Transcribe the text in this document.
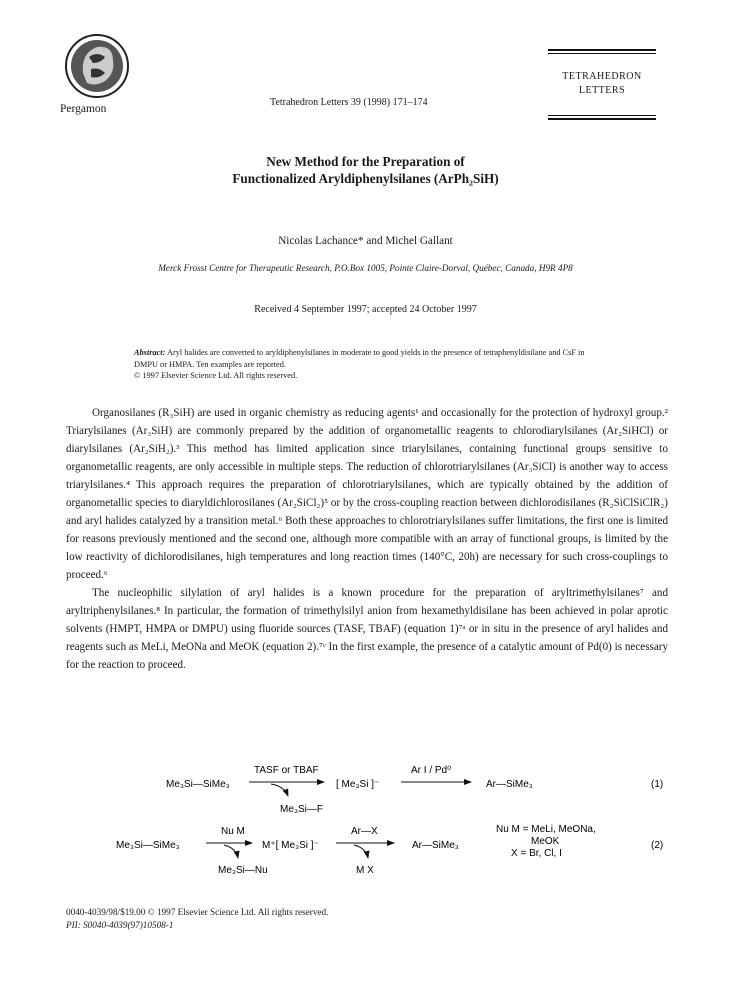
Pergamon
Tetrahedron Letters 39 (1998) 171–174
TETRAHEDRON
LETTERS
New Method for the Preparation of
Functionalized Aryldiphenylsilanes (ArPh₂SiH)
Nicolas Lachance* and Michel Gallant
Merck Frosst Centre for Therapeutic Research, P.O.Box 1005, Pointe Claire-Dorval, Québec, Canada, H9R 4P8
Received 4 September 1997; accepted 24 October 1997
Abstract: Aryl halides are converted to aryldiphenylsilanes in moderate to good yields in the presence of tetraphenyldisilane and CsF in DMPU or HMPA. Ten examples are reported.
© 1997 Elsevier Science Ltd. All rights reserved.

Organosilanes (R₃SiH) are used in organic chemistry as reducing agents¹ and occasionally for the protection of hydroxyl group.² Triarylsilanes (Ar₃SiH) are commonly prepared by the addition of organometallic reagents to chlorodiarylsilanes (Ar₂SiHCl) or diarylsilanes (Ar₂SiH₂).³ This method has limited application since triarylsilanes, containing functional groups sensitive to organometallic reagents, are only accessible in multiple steps. The reduction of chlorotriarylsilanes (Ar₃SiCl) is another way to access triarylsilanes.⁴ This approach requires the preparation of chlorotriarylsilanes, which are typically obtained by the addition of organometallic species to diaryldichlorosilanes (Ar₂SiCl₂)⁵ or by the cross-coupling reaction between dichlorodisilanes (R₂SiClSiClR₂) and aryl halides catalyzed by a transition metal.⁶ Both these approaches to chlorotriarylsilanes suffer limitations, the first one is limited for reasons previously mentioned and the second one, although more compatible with an array of functional groups, is limited by the low reactivity of dichlorodisilanes, high temperatures and long reaction times (140°C, 20h) are necessary for such cross-couplings to proceed.⁶

The nucleophilic silylation of aryl halides is a known procedure for the preparation of aryltrimethylsilanes⁷ and aryltriphenylsilanes.⁸ In particular, the formation of trimethylsilyl anion from hexamethyldisilane has been achieved in polar aprotic solvents (HMPT, HMPA or DMPU) using fluoride sources (TASF, TBAF) (equation 1)⁷ᵃ or in situ in the presence of aryl halides and reagents such as MeLi, MeONa and MeOK (equation 2).⁷ᶜ In the first example, the presence of a catalytic amount of Pd(0) is necessary for the reaction to proceed.

Me₃Si—SiMe₃
TASF or TBAF
Me₃Si—F
[ Me₃Si ]⁻
Ar I / Pd⁰
Ar—SiMe₃	(1)
Me₃Si—SiMe₃
Nu M
Me₃Si—Nu
M⁺[ Me₃Si ]⁻
Ar—X
M X
Ar—SiMe₃
Nu M = MeLi, MeONa,
MeOK
X = Br, Cl, I
(2)
0040-4039/98/$19.00 © 1997 Elsevier Science Ltd. All rights reserved.
PII: S0040-4039(97)10508-1
